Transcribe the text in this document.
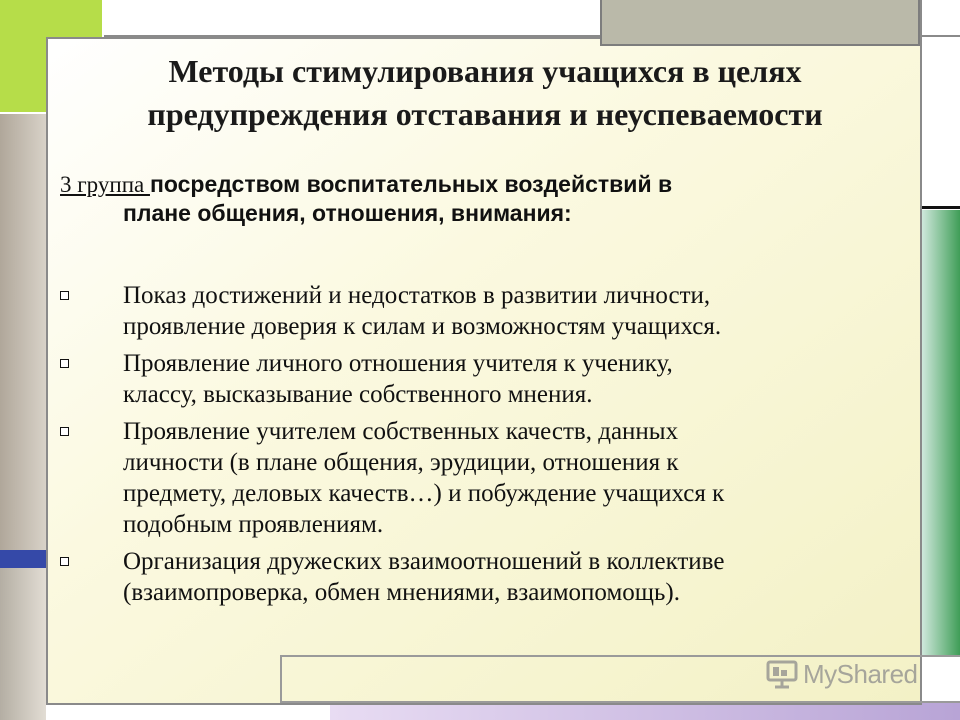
Методы стимулирования учащихся в целях
предупреждения отставания и неуспеваемости
3 группа посредством воспитательных воздействий в
плане общения, отношения, внимания:
Показ достижений и недостатков в развитии личности,
проявление доверия к силам и возможностям учащихся.
Проявление личного отношения учителя к ученику,
классу, высказывание собственного мнения.
Проявление учителем собственных качеств, данных
личности (в плане общения, эрудиции, отношения к
предмету, деловых качеств…) и побуждение учащихся к
подобным проявлениям.
Организация дружеских взаимоотношений в коллективе
(взаимопроверка, обмен мнениями, взаимопомощь).
MyShared
